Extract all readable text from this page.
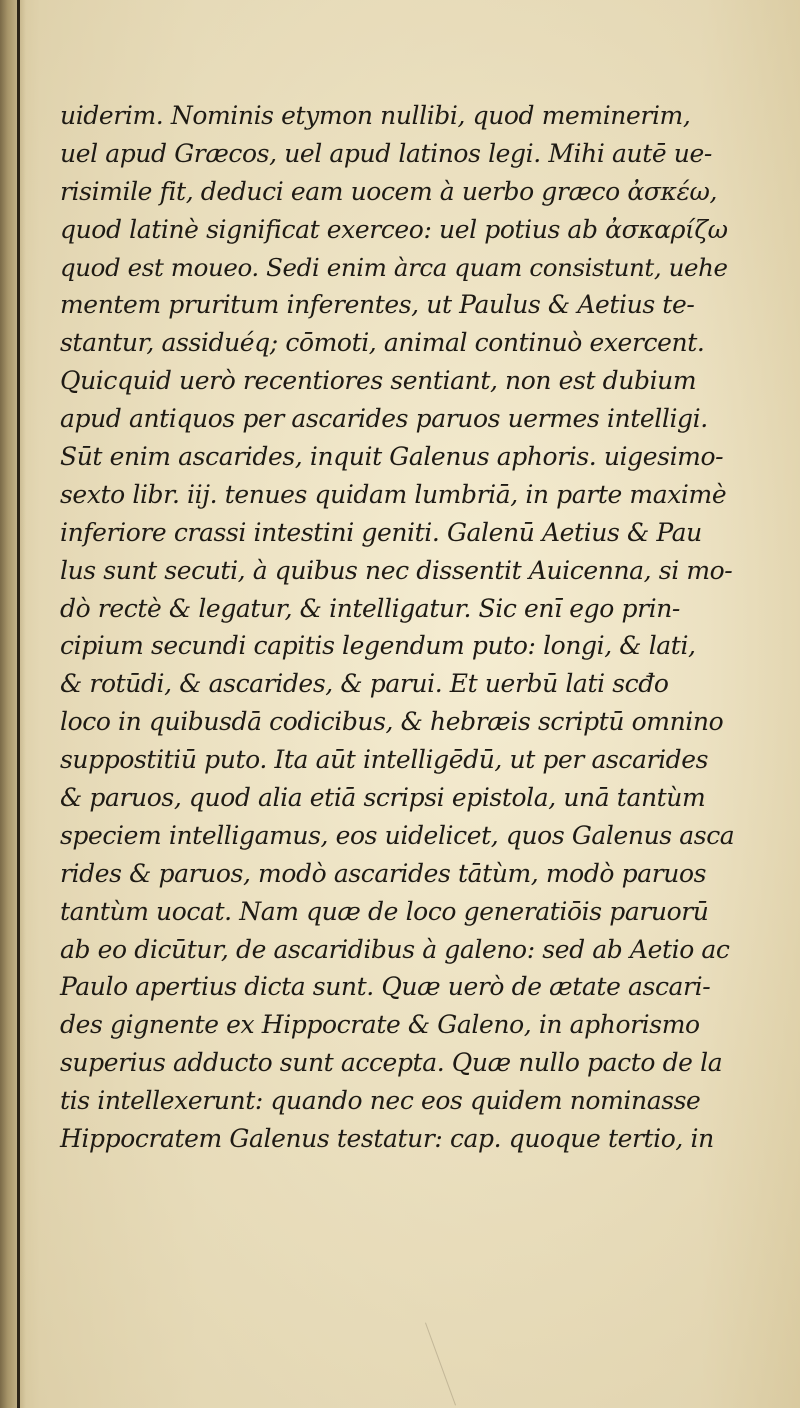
uiderim. Nominis etymon nullibi, quod meminerim,
uel apud Græcos, uel apud latinos legi. Mihi autē ue-
risimile fit, deduci eam uocem à uerbo græco ἀσκέω,
quod latinè significat exerceo: uel potius ab ἀσκαρίζω
quod est moueo. Sedi enim àrca quam consistunt, uehe
mentem pruritum inferentes, ut Paulus & Aetius te-
stantur, assiduéq; cōmoti, animal continuò exercent.
Quicquid uerò recentiores sentiant, non est dubium
apud antiquos per ascarides paruos uermes intelligi.
Sūt enim ascarides, inquit Galenus aphoris. uigesimo-
sexto libr. iij. tenues quidam lumbriā, in parte maximè
inferiore crassi intestini geniti. Galenū Aetius & Pau
lus sunt secuti, à quibus nec dissentit Auicenna, si mo-
dò rectè & legatur, & intelligatur. Sic enī ego prin-
cipium secundi capitis legendum puto: longi, & lati,
& rotūdi, & ascarides, & parui. Et uerbū lati scđo
loco in quibusdā codicibus, & hebræis scriptū omnino
suppostitiū puto. Ita aūt intelligēdū, ut per ascarides
& paruos, quod alia etiā scripsi epistola, unā tantùm
speciem intelligamus, eos uidelicet, quos Galenus asca
rides & paruos, modò ascarides tātùm, modò paruos
tantùm uocat. Nam quæ de loco generatiōis paruorū
ab eo dicūtur, de ascaridibus à galeno: sed ab Aetio ac
Paulo apertius dicta sunt. Quæ uerò de ætate ascari-
des gignente ex Hippocrate & Galeno, in aphorismo
superius adducto sunt accepta. Quæ nullo pacto de la
tis intellexerunt: quando nec eos quidem nominasse
Hippocratem Galenus testatur: cap. quoque tertio, in
